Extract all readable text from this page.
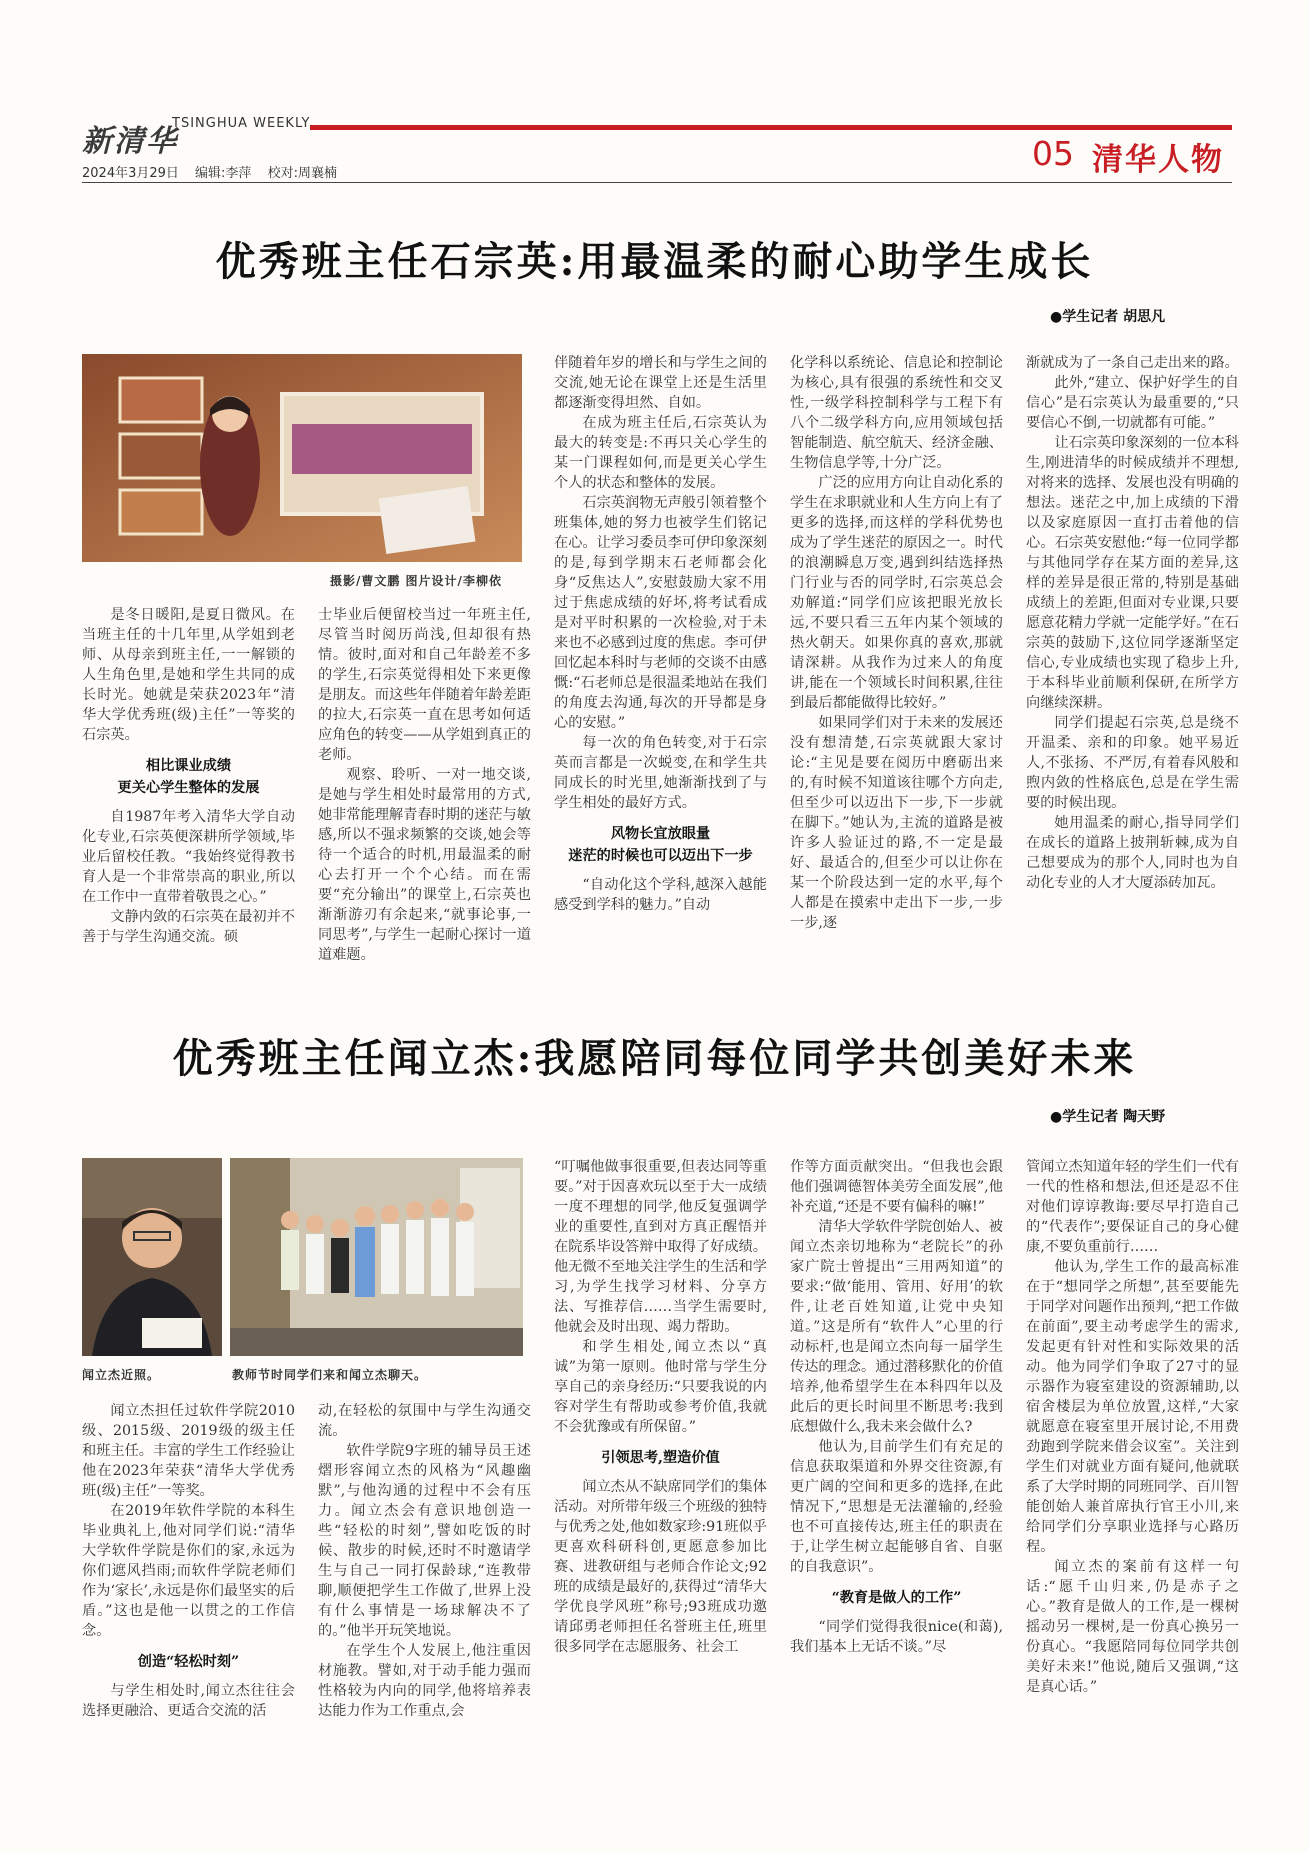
新清华
TSINGHUA WEEKLY
2024年3月29日 编辑:李萍 校对:周襄楠
05 清华人物
优秀班主任石宗英:用最温柔的耐心助学生成长
●学生记者 胡思凡
摄影/曹文鹏 图片设计/李柳依

是冬日暖阳,是夏日微风。在当班主任的十几年里,从学姐到老师、从母亲到班主任,一一解锁的人生角色里,是她和学生共同的成长时光。她就是荣获2023年“清华大学优秀班(级)主任”一等奖的石宗英。

相比课业成绩
更关心学生整体的发展

自1987年考入清华大学自动化专业,石宗英便深耕所学领域,毕业后留校任教。“我始终觉得教书育人是一个非常崇高的职业,所以在工作中一直带着敬畏之心。”

文静内敛的石宗英在最初并不善于与学生沟通交流。硕

士毕业后便留校当过一年班主任,尽管当时阅历尚浅,但却很有热情。彼时,面对和自己年龄差不多的学生,石宗英觉得相处下来更像是朋友。而这些年伴随着年龄差距的拉大,石宗英一直在思考如何适应角色的转变——从学姐到真正的老师。

观察、聆听、一对一地交谈,是她与学生相处时最常用的方式,她非常能理解青春时期的迷茫与敏感,所以不强求频繁的交谈,她会等待一个适合的时机,用最温柔的耐心去打开一个个心结。而在需要“充分输出”的课堂上,石宗英也渐渐游刃有余起来,“就事论事,一同思考”,与学生一起耐心探讨一道道难题。

伴随着年岁的增长和与学生之间的交流,她无论在课堂上还是生活里都逐渐变得坦然、自如。

在成为班主任后,石宗英认为最大的转变是:不再只关心学生的某一门课程如何,而是更关心学生个人的状态和整体的发展。

石宗英润物无声般引领着整个班集体,她的努力也被学生们铭记在心。让学习委员李可伊印象深刻的是,每到学期末石老师都会化身“反焦达人”,安慰鼓励大家不用过于焦虑成绩的好坏,将考试看成是对平时积累的一次检验,对于未来也不必感到过度的焦虑。李可伊回忆起本科时与老师的交谈不由感慨:“石老师总是很温柔地站在我们的角度去沟通,每次的开导都是身心的安慰。”

每一次的角色转变,对于石宗英而言都是一次蜕变,在和学生共同成长的时光里,她渐渐找到了与学生相处的最好方式。

风物长宜放眼量
迷茫的时候也可以迈出下一步

“自动化这个学科,越深入越能感受到学科的魅力。”自动

化学科以系统论、信息论和控制论为核心,具有很强的系统性和交叉性,一级学科控制科学与工程下有八个二级学科方向,应用领域包括智能制造、航空航天、经济金融、生物信息学等,十分广泛。

广泛的应用方向让自动化系的学生在求职就业和人生方向上有了更多的选择,而这样的学科优势也成为了学生迷茫的原因之一。时代的浪潮瞬息万变,遇到纠结选择热门行业与否的同学时,石宗英总会劝解道:“同学们应该把眼光放长远,不要只看三五年内某个领域的热火朝天。如果你真的喜欢,那就请深耕。从我作为过来人的角度讲,能在一个领域长时间积累,往往到最后都能做得比较好。”

如果同学们对于未来的发展还没有想清楚,石宗英就跟大家讨论:“主见是要在阅历中磨砺出来的,有时候不知道该往哪个方向走,但至少可以迈出下一步,下一步就在脚下。”她认为,主流的道路是被许多人验证过的路,不一定是最好、最适合的,但至少可以让你在某一个阶段达到一定的水平,每个人都是在摸索中走出下一步,一步一步,逐

渐就成为了一条自己走出来的路。

此外,“建立、保护好学生的自信心”是石宗英认为最重要的,“只要信心不倒,一切就都有可能。”

让石宗英印象深刻的一位本科生,刚进清华的时候成绩并不理想,对将来的选择、发展也没有明确的想法。迷茫之中,加上成绩的下滑以及家庭原因一直打击着他的信心。石宗英安慰他:“每一位同学都与其他同学存在某方面的差异,这样的差异是很正常的,特别是基础成绩上的差距,但面对专业课,只要愿意花精力学就一定能学好。”在石宗英的鼓励下,这位同学逐渐坚定信心,专业成绩也实现了稳步上升,于本科毕业前顺利保研,在所学方向继续深耕。

同学们提起石宗英,总是绕不开温柔、亲和的印象。她平易近人,不张扬、不严厉,有着春风般和煦内敛的性格底色,总是在学生需要的时候出现。

她用温柔的耐心,指导同学们在成长的道路上披荆斩棘,成为自己想要成为的那个人,同时也为自动化专业的人才大厦添砖加瓦。

优秀班主任闻立杰:我愿陪同每位同学共创美好未来
●学生记者 陶天野
闻立杰近照。	教师节时同学们来和闻立杰聊天。

闻立杰担任过软件学院2010级、2015级、2019级的级主任和班主任。丰富的学生工作经验让他在2023年荣获“清华大学优秀班(级)主任”一等奖。

在2019年软件学院的本科生毕业典礼上,他对同学们说:“清华大学软件学院是你们的家,永远为你们遮风挡雨;而软件学院老师们作为‘家长’,永远是你们最坚实的后盾。”这也是他一以贯之的工作信念。

创造“轻松时刻”

与学生相处时,闻立杰往往会选择更融洽、更适合交流的活

动,在轻松的氛围中与学生沟通交流。

软件学院9字班的辅导员王述熠形容闻立杰的风格为“风趣幽默”,与他沟通的过程中不会有压力。闻立杰会有意识地创造一些“轻松的时刻”,譬如吃饭的时候、散步的时候,还时不时邀请学生与自己一同打保龄球,“连教带聊,顺便把学生工作做了,世界上没有什么事情是一场球解决不了的。”他半开玩笑地说。

在学生个人发展上,他注重因材施教。譬如,对于动手能力强而性格较为内向的同学,他将培养表达能力作为工作重点,会

“叮嘱他做事很重要,但表达同等重要。”对于因喜欢玩以至于大一成绩一度不理想的同学,他反复强调学业的重要性,直到对方真正醒悟并在院系毕设答辩中取得了好成绩。他无微不至地关注学生的生活和学习,为学生找学习材料、分享方法、写推荐信……当学生需要时,他就会及时出现、竭力帮助。

和学生相处,闻立杰以“真诚”为第一原则。他时常与学生分享自己的亲身经历:“只要我说的内容对学生有帮助或参考价值,我就不会犹豫或有所保留。”

引领思考,塑造价值

闻立杰从不缺席同学们的集体活动。对所带年级三个班级的独特与优秀之处,他如数家珍:91班似乎更喜欢科研科创,更愿意参加比赛、进教研组与老师合作论文;92班的成绩是最好的,获得过“清华大学优良学风班”称号;93班成功邀请邱勇老师担任名誉班主任,班里很多同学在志愿服务、社会工

作等方面贡献突出。“但我也会跟他们强调德智体美劳全面发展”,他补充道,“还是不要有偏科的嘛!”

清华大学软件学院创始人、被闻立杰亲切地称为“老院长”的孙家广院士曾提出“三用两知道”的要求:“做‘能用、管用、好用’的软件,让老百姓知道,让党中央知道。”这是所有“软件人”心里的行动标杆,也是闻立杰向每一届学生传达的理念。通过潜移默化的价值培养,他希望学生在本科四年以及此后的更长时间里不断思考:我到底想做什么,我未来会做什么?

他认为,目前学生们有充足的信息获取渠道和外界交往资源,有更广阔的空间和更多的选择,在此情况下,“思想是无法灌输的,经验也不可直接传达,班主任的职责在于,让学生树立起能够自省、自驱的自我意识”。

“教育是做人的工作”

“同学们觉得我很nice(和蔼),我们基本上无话不谈。”尽

管闻立杰知道年轻的学生们一代有一代的性格和想法,但还是忍不住对他们谆谆教诲:要尽早打造自己的“代表作”;要保证自己的身心健康,不要负重前行……

他认为,学生工作的最高标准在于“想同学之所想”,甚至要能先于同学对问题作出预判,“把工作做在前面”,要主动考虑学生的需求,发起更有针对性和实际效果的活动。他为同学们争取了27寸的显示器作为寝室建设的资源辅助,以宿舍楼层为单位放置,这样,“大家就愿意在寝室里开展讨论,不用费劲跑到学院来借会议室”。关注到学生们对就业方面有疑问,他就联系了大学时期的同班同学、百川智能创始人兼首席执行官王小川,来给同学们分享职业选择与心路历程。

闻立杰的案前有这样一句话:“愿千山归来,仍是赤子之心。”教育是做人的工作,是一棵树摇动另一棵树,是一份真心换另一份真心。“我愿陪同每位同学共创美好未来!”他说,随后又强调,“这是真心话。”
